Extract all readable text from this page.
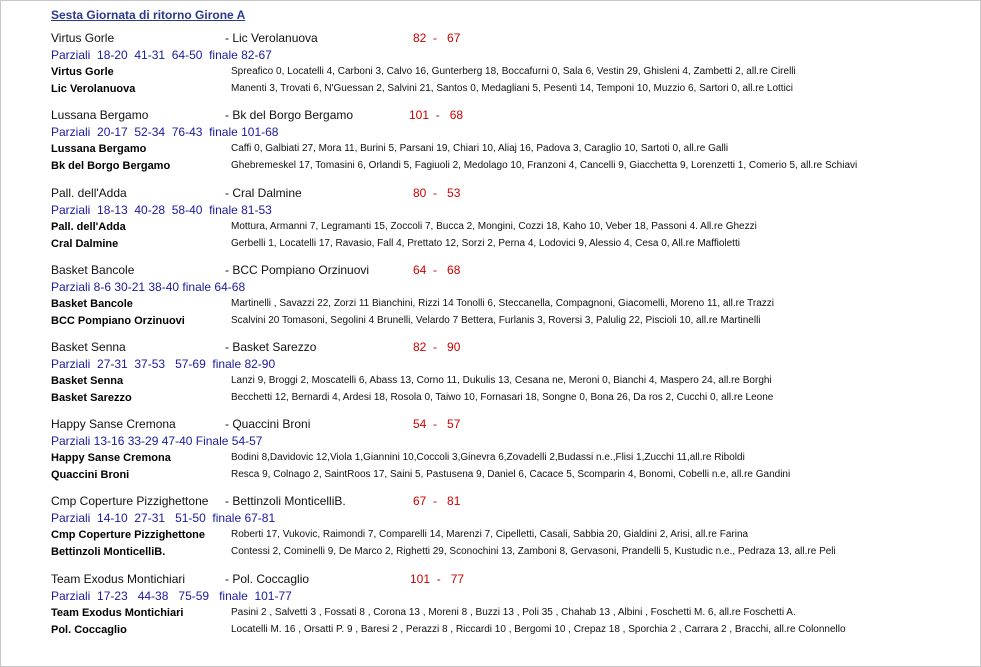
Sesta Giornata di ritorno Girone A
Virtus Gorle	- Lic Verolanuova	82  -   67
Parziali  18-20  41-31  64-50  finale 82-67
Virtus Gorle	Spreafico 0, Locatelli 4, Carboni 3, Calvo 16, Gunterberg 18, Boccafurni 0, Sala 6, Vestin 29, Ghisleni 4, Zambetti 2, all.re Cirelli
Lic Verolanuova	Manenti 3, Trovati 6, N'Guessan 2, Salvini 21, Santos 0, Medagliani 5, Pesenti 14, Temponi 10, Muzzio 6, Sartori 0, all.re Lottici
Lussana Bergamo	- Bk del Borgo Bergamo	101  -   68
Parziali  20-17  52-34  76-43  finale 101-68
Lussana Bergamo	Caffi 0, Galbiati 27, Mora 11, Burini 5, Parsani 19, Chiari 10, Aliaj 16, Padova 3, Caraglio 10, Sartoti 0, all.re Galli
Bk del Borgo Bergamo	Ghebremeskel 17, Tomasini 6, Orlandi 5, Fagiuoli 2, Medolago 10, Franzoni 4, Cancelli 9, Giacchetta 9, Lorenzetti 1, Comerio 5, all.re Schiavi
Pall. dell'Adda	- Cral Dalmine	80  -   53
Parziali  18-13  40-28  58-40  finale 81-53
Pall. dell'Adda	Mottura, Armanni 7, Legramanti 15, Zoccoli 7, Bucca 2, Mongini, Cozzi 18, Kaho 10, Veber 18, Passoni 4. All.re Ghezzi
Cral Dalmine	Gerbelli 1, Locatelli 17, Ravasio, Fall 4, Prettato 12, Sorzi 2, Perna 4, Lodovici 9, Alessio 4, Cesa 0, All.re Maffioletti
Basket Bancole	- BCC Pompiano Orzinuovi	64  -   68
Parziali 8-6 30-21 38-40 finale 64-68
Basket Bancole	Martinelli , Savazzi 22, Zorzi 11 Bianchini, Rizzi 14 Tonolli 6, Steccanella, Compagnoni, Giacomelli, Moreno 11, all.re Trazzi
BCC Pompiano Orzinuovi	Scalvini 20 Tomasoni, Segolini 4 Brunelli, Velardo 7 Bettera, Furlanis 3, Roversi 3, Palulig 22, Piscioli 10, all.re Martinelli
Basket Senna	- Basket Sarezzo	82  -   90
Parziali  27-31  37-53   57-69  finale 82-90
Basket Senna	Lanzi 9, Broggi 2, Moscatelli 6, Abass 13, Corno 11, Dukulis 13, Cesana ne, Meroni 0, Bianchi 4, Maspero 24, all.re Borghi
Basket Sarezzo	Becchetti 12, Bernardi 4, Ardesi 18, Rosola 0, Taiwo 10, Fornasari 18, Songne 0, Bona 26, Da ros 2, Cucchi 0, all.re Leone
Happy Sanse Cremona	- Quaccini Broni	54  -   57
Parziali 13-16 33-29 47-40 Finale 54-57
Happy Sanse Cremona	Bodini 8,Davidovic 12,Viola 1,Giannini 10,Coccoli 3,Ginevra 6,Zovadelli 2,Budassi n.e.,Flisi 1,Zucchi 11,all.re Riboldi
Quaccini Broni	Resca 9, Colnago 2, SaintRoos 17, Saini 5, Pastusena 9, Daniel 6, Cacace 5, Scomparin 4, Bonomi, Cobelli n.e, all.re Gandini
Cmp Coperture Pizzighettone - Bettinzoli MonticelliB.	67  -   81
Parziali  14-10  27-31   51-50  finale 67-81
Cmp Coperture Pizzighettone	Roberti 17, Vukovic, Raimondi 7, Comparelli 14, Marenzi 7, Cipelletti, Casali, Sabbia 20, Gialdini 2, Arisi, all.re Farina
Bettinzoli MonticelliB.	Contessi 2, Cominelli 9, De Marco 2, Righetti 29, Sconochini 13, Zamboni 8, Gervasoni, Prandelli 5, Kustudic n.e., Pedraza 13, all.re Peli
Team Exodus Montichiari	- Pol. Coccaglio	101  -   77
Parziali  17-23   44-38   75-59   finale  101-77
Team Exodus Montichiari	Pasini 2 , Salvetti 3 , Fossati 8 , Corona 13 , Moreni 8 , Buzzi 13 , Poli 35 , Chahab 13 , Albini , Foschetti M. 6, all.re Foschetti A.
Pol. Coccaglio	Locatelli M. 16 , Orsatti P. 9 , Baresi 2 , Perazzi 8 , Riccardi 10 , Bergomi 10 , Crepaz 18 , Sporchia 2 , Carrara 2 , Bracchi, all.re Colonnello
